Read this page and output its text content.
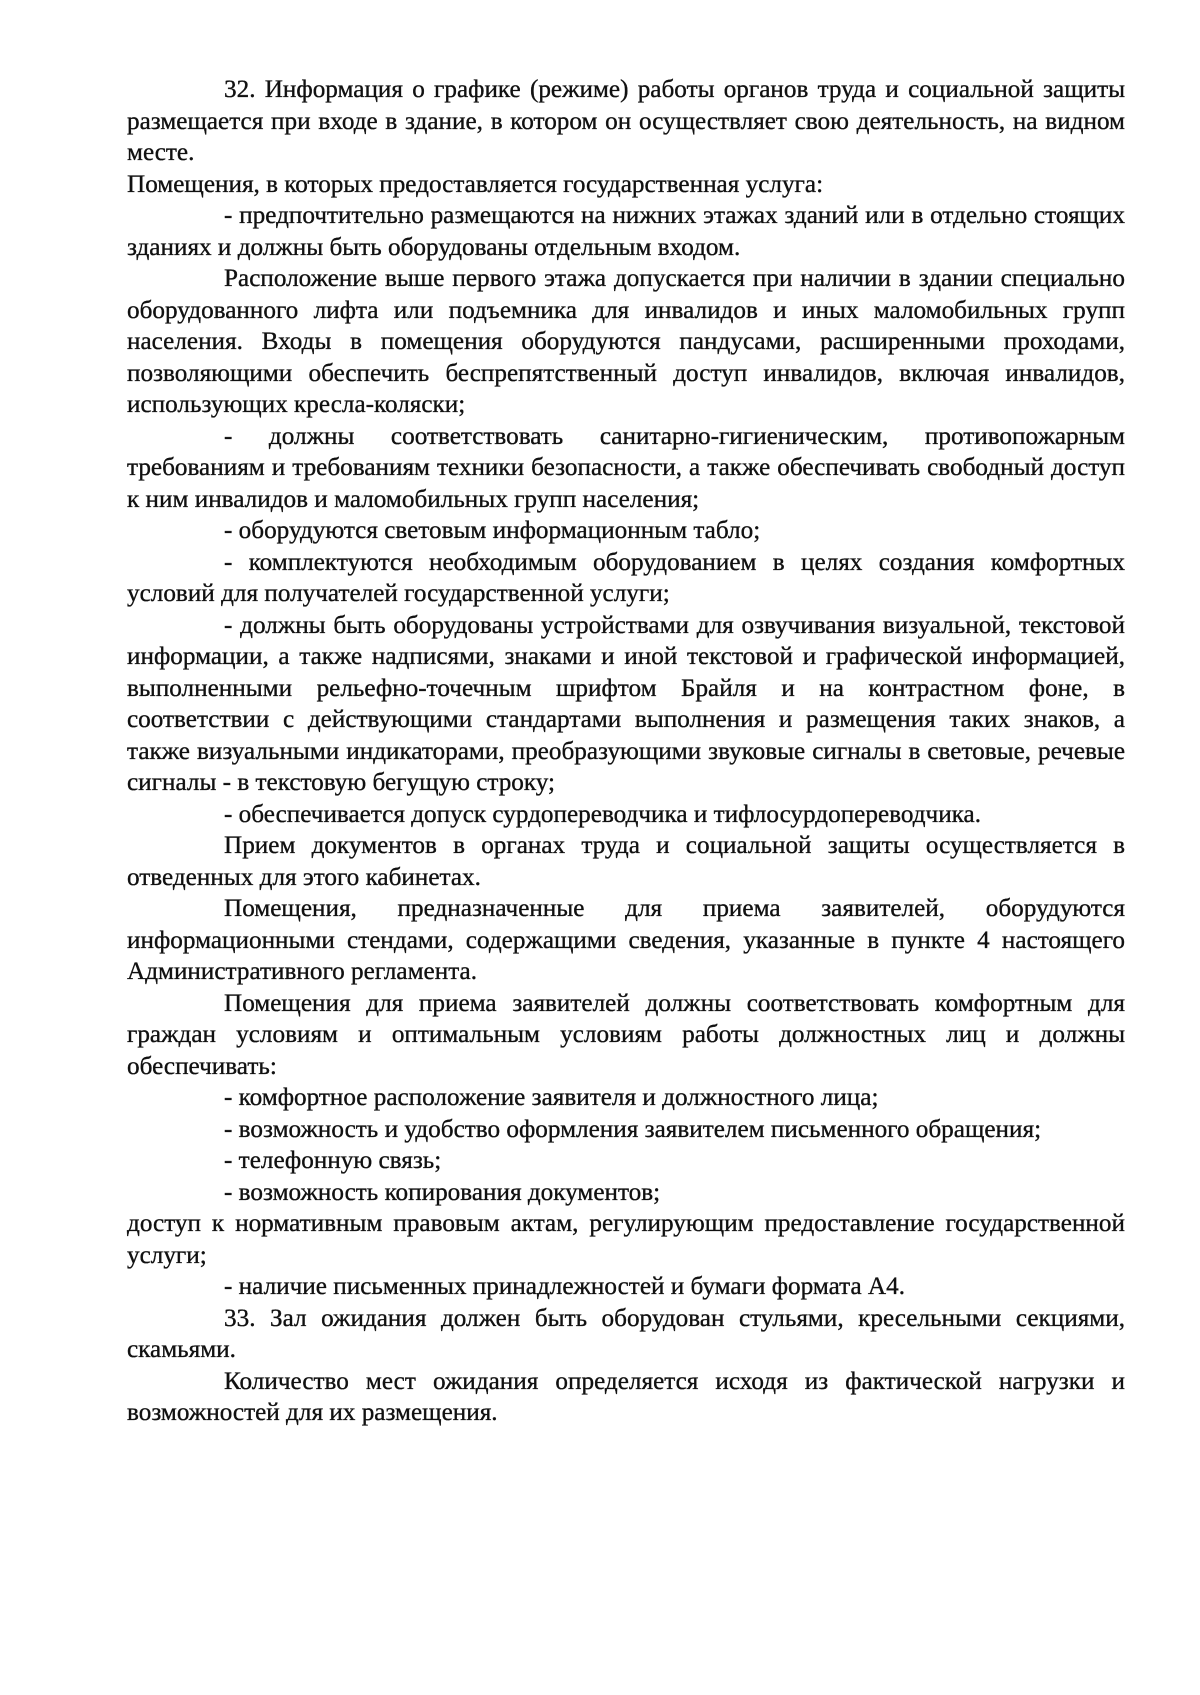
32. Информация о графике (режиме) работы органов труда и социальной защиты размещается при входе в здание, в котором он осуществляет свою деятельность, на видном месте.

Помещения, в которых предоставляется государственная услуга:

- предпочтительно размещаются на нижних этажах зданий или в отдельно стоящих зданиях и должны быть оборудованы отдельным входом.

Расположение выше первого этажа допускается при наличии в здании специально оборудованного лифта или подъемника для инвалидов и иных маломобильных групп населения. Входы в помещения оборудуются пандусами, расширенными проходами, позволяющими обеспечить беспрепятственный доступ инвалидов, включая инвалидов, использующих кресла-коляски;

- должны соответствовать санитарно-гигиеническим, противопожарным требованиям и требованиям техники безопасности, а также обеспечивать свободный доступ к ним инвалидов и маломобильных групп населения;

- оборудуются световым информационным табло;

- комплектуются необходимым оборудованием в целях создания комфортных условий для получателей государственной услуги;

- должны быть оборудованы устройствами для озвучивания визуальной, текстовой информации, а также надписями, знаками и иной текстовой и графической информацией, выполненными рельефно-точечным шрифтом Брайля и на контрастном фоне, в соответствии с действующими стандартами выполнения и размещения таких знаков, а также визуальными индикаторами, преобразующими звуковые сигналы в световые, речевые сигналы - в текстовую бегущую строку;

- обеспечивается допуск сурдопереводчика и тифлосурдопереводчика.

Прием документов в органах труда и социальной защиты осуществляется в отведенных для этого кабинетах.

Помещения, предназначенные для приема заявителей, оборудуются информационными стендами, содержащими сведения, указанные в пункте 4 настоящего Административного регламента.

Помещения для приема заявителей должны соответствовать комфортным для граждан условиям и оптимальным условиям работы должностных лиц и должны обеспечивать:

- комфортное расположение заявителя и должностного лица;

- возможность и удобство оформления заявителем письменного обращения;

- телефонную связь;

- возможность копирования документов;

доступ к нормативным правовым актам, регулирующим предоставление государственной услуги;

- наличие письменных принадлежностей и бумаги формата А4.

33. Зал ожидания должен быть оборудован стульями, кресельными секциями, скамьями.

Количество мест ожидания определяется исходя из фактической нагрузки и возможностей для их размещения.
